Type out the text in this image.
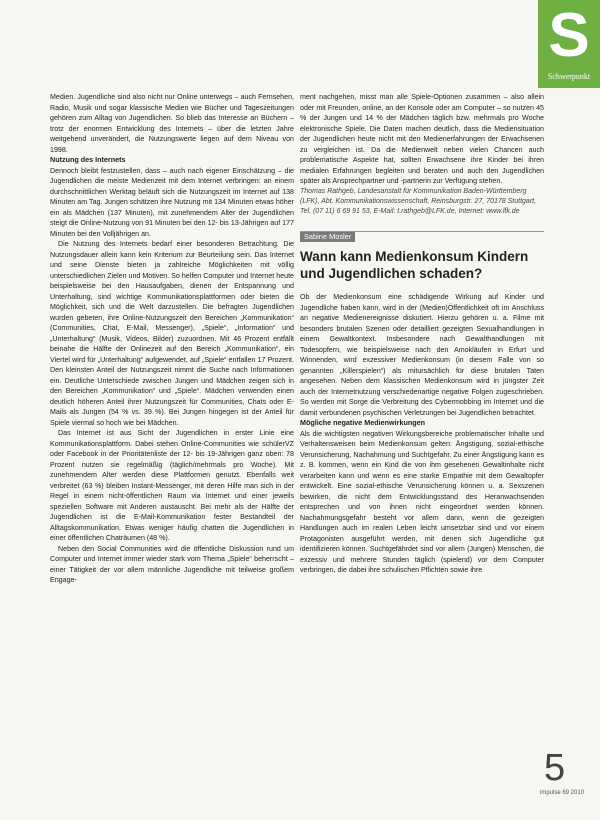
S
Schwerpunkt

Medien. Jugendliche sind also nicht nur Online unterwegs – auch Fernsehen, Radio, Musik und sogar klassische Medien wie Bücher und Tageszeitungen gehören zum Alltag von Jugendlichen. So blieb das Interesse an Büchern – trotz der enormen Entwicklung des Internets – über die letzten Jahre weitgehend unverändert, die Nutzungswerte liegen auf dem Niveau von 1998.

Nutzung des Internets

Dennoch bleibt festzustellen, dass – auch nach eigener Einschätzung – die Jugendlichen die meiste Medienzeit mit dem Internet verbringen: an einem durchschnittlichen Werktag beläuft sich die Nutzungszeit im Internet auf 138 Minuten am Tag. Jungen schätzen ihre Nutzung mit 134 Minuten etwas höher ein als Mädchen (137 Minuten), mit zunehmendem Alter der Jugendlichen steigt die Online-Nutzung von 91 Minuten bei den 12- bis 13-Jährigen auf 177 Minuten bei den Volljährigen an.

Die Nutzung des Internets bedarf einer besonderen Betrachtung. Die Nutzungsdauer allein kann kein Kriterium zur Beurteilung sein. Das Internet und seine Dienste bieten ja zahlreiche Möglichkeiten mit völlig unterschiedlichen Zielen und Motiven. So helfen Computer und Internet heute beispielsweise bei den Hausaufgaben, dienen der Entspannung und Unterhaltung, sind wichtige Kommunikationsplattformen oder bieten die Möglichkeit, sich und die Welt darzustellen. Die befragten Jugendlichen wurden gebeten, ihre Online-Nutzungszeit den Bereichen „Kommunikation“ (Communities, Chat, E-Mail, Messenger), „Spiele“, „Information“ und „Unterhaltung“ (Musik, Videos, Bilder) zuzuordnen. Mit 46 Prozent entfällt beinahe die Hälfte der Onlinezeit auf den Bereich „Kommunikation“, ein Viertel wird für „Unterhaltung“ aufgewendet, auf „Spiele“ entfallen 17 Prozent. Den kleinsten Anteil der Nutzungszeit nimmt die Suche nach Informationen ein. Deutliche Unterschiede zwischen Jungen und Mädchen zeigen sich in den Bereichen „Kommunikation“ und „Spiele“. Mädchen verwenden einen deutlich höheren Anteil ihrer Nutzungszeit für Communities, Chats oder E-Mails als Jungen (54 % vs. 39 %). Bei Jungen hingegen ist der Anteil für Spiele viermal so hoch wie bei Mädchen.

Das Internet ist aus Sicht der Jugendlichen in erster Linie eine Kommunikationsplattform. Dabei stehen Online-Communities wie schülerVZ oder Facebook in der Prioritätenliste der 12- bis 19-Jährigen ganz oben: 78 Prozent nutzen sie regelmäßig (täglich/mehrmals pro Woche). Mit zunehmendem Alter werden diese Plattformen genutzt. Ebenfalls weit verbreitet (63 %) bleiben Instant-Messenger, mit deren Hilfe man sich in der Regel in einem nicht-öffentlichen Raum via Internet und einer jeweils speziellen Software mit Anderen austauscht. Bei mehr als der Hälfte der Jugendlichen ist die E-Mail-Kommunikation fester Bestandteil der Alltagskommunikation. Etwas weniger häufig chatten die Jugendlichen in einer öffentlichen Chaträumen (48 %).

Neben den Social Communities wird die öffentliche Diskussion rund um Computer und Internet immer wieder stark vom Thema „Spiele“ beherrscht – einer Tätigkeit der vor allem männliche Jugendliche mit teilweise großem Engage-

ment nachgehen, misst man alle Spiele-Optionen zusammen – also allein oder mit Freunden, online, an der Konsole oder am Computer – so nutzen 45 % der Jungen und 14 % der Mädchen täglich bzw. mehrmals pro Woche elektronische Spiele. Die Daten machen deutlich, dass die Mediensituation der Jugendlichen heute nicht mit den Medienerfahrungen der Erwachsenen zu vergleichen ist. Da die Medienwelt neben vielen Chancen auch problematische Aspekte hat, sollten Erwachsene ihre Kinder bei ihren medialen Erfahrungen begleiten und beraten und auch den Jugendlichen später als Ansprechpartner und -partnerin zur Verfügung stehen.

Thomas Rathgeb, Landesanstalt für Kommunikation Baden-Württemberg (LFK), Abt. Kommunikationswissenschaft, Reinsburgstr. 27, 70178 Stuttgart, Tel. (07 11) 6 69 91 53, E-Mail: t.rathgeb@LFK.de, Internet: www.lfk.de

Sabine Mosler
Wann kann Medienkonsum Kindern und Jugendlichen schaden?

Ob der Medienkonsum eine schädigende Wirkung auf Kinder und Jugendliche haben kann, wird in der (Medien)Öffentlichkeit oft im Anschluss an negative Medienereignisse diskutiert. Hierzu gehören u. a. Filme mit besonders brutalen Szenen oder detailliert gezeigten Sexualhandlungen in einem Gewaltkontext. Insbesondere nach Gewalthandlungen mit Todesopfern, wie beispielsweise nach den Amokläufen in Erfurt und Winnenden, wird exzessiver Medienkonsum (in diesem Falle von so genannten „Killerspielen“) als mitursächlich für diese brutalen Taten angesehen. Neben dem klassischen Medienkonsum wird in jüngster Zeit auch der Internetnutzung verschiedenartige negative Folgen zugeschrieben. So werden mit Sorge die Verbreitung des Cybermobbing im Internet und die damit verbundenen psychischen Verletzungen bei Jugendlichen betrachtet.

Mögliche negative Medienwirkungen

Als die wichtigsten negativen Wirkungsbereiche problematischer Inhalte und Verhaltensweisen beim Medienkonsum gelten: Ängstigung, sozial-ethische Verunsicherung, Nachahmung und Suchtgefahr. Zu einer Ängstigung kann es z. B. kommen, wenn ein Kind die von ihm gesehenen Gewaltinhalte nicht verarbeiten kann und wenn es eine starke Empathie mit dem Gewaltopfer entwickelt. Eine sozial-ethische Verunsicherung können u. a. Sexszenen bewirken, die nicht dem Entwicklungsstand des Heranwachsenden entsprechen und von ihnen nicht eingeordnet werden können. Nachahmungsgefahr besteht vor allem dann, wenn die gezeigten Handlungen auch im realen Leben leicht umsetzbar sind und vor einem Protagonisten ausgeführt werden, mit denen sich Jugendliche gut identifizieren können. Suchtgefährdet sind vor allem (Jungen) Menschen, die exzessiv und mehrere Stunden täglich (spielend) vor dem Computer verbringen, die dabei ihre schulischen Pflichten sowie ihre

5
impulse 69 2010
